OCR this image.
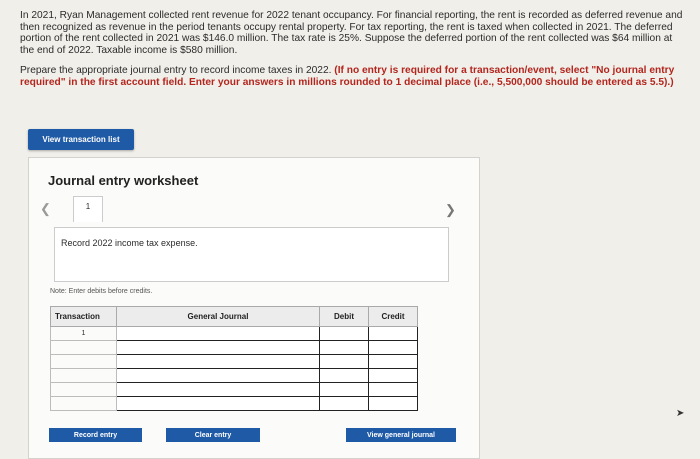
In 2021, Ryan Management collected rent revenue for 2022 tenant occupancy. For financial reporting, the rent is recorded as deferred revenue and then recognized as revenue in the period tenants occupy rental property. For tax reporting, the rent is taxed when collected in 2021. The deferred portion of the rent collected in 2021 was $146.0 million. The tax rate is 25%. Suppose the deferred portion of the rent collected was $64 million at the end of 2022. Taxable income is $580 million.

Prepare the appropriate journal entry to record income taxes in 2022. (If no entry is required for a transaction/event, select "No journal entry required" in the first account field. Enter your answers in millions rounded to 1 decimal place (i.e., 5,500,000 should be entered as 5.5).)

View transaction list
Journal entry worksheet
❮	1	❯
Record 2022 income tax expense.
Note: Enter debits before credits.
Transaction	General Journal	Debit	Credit
1			

Record entry	Clear entry	View general journal
➤
